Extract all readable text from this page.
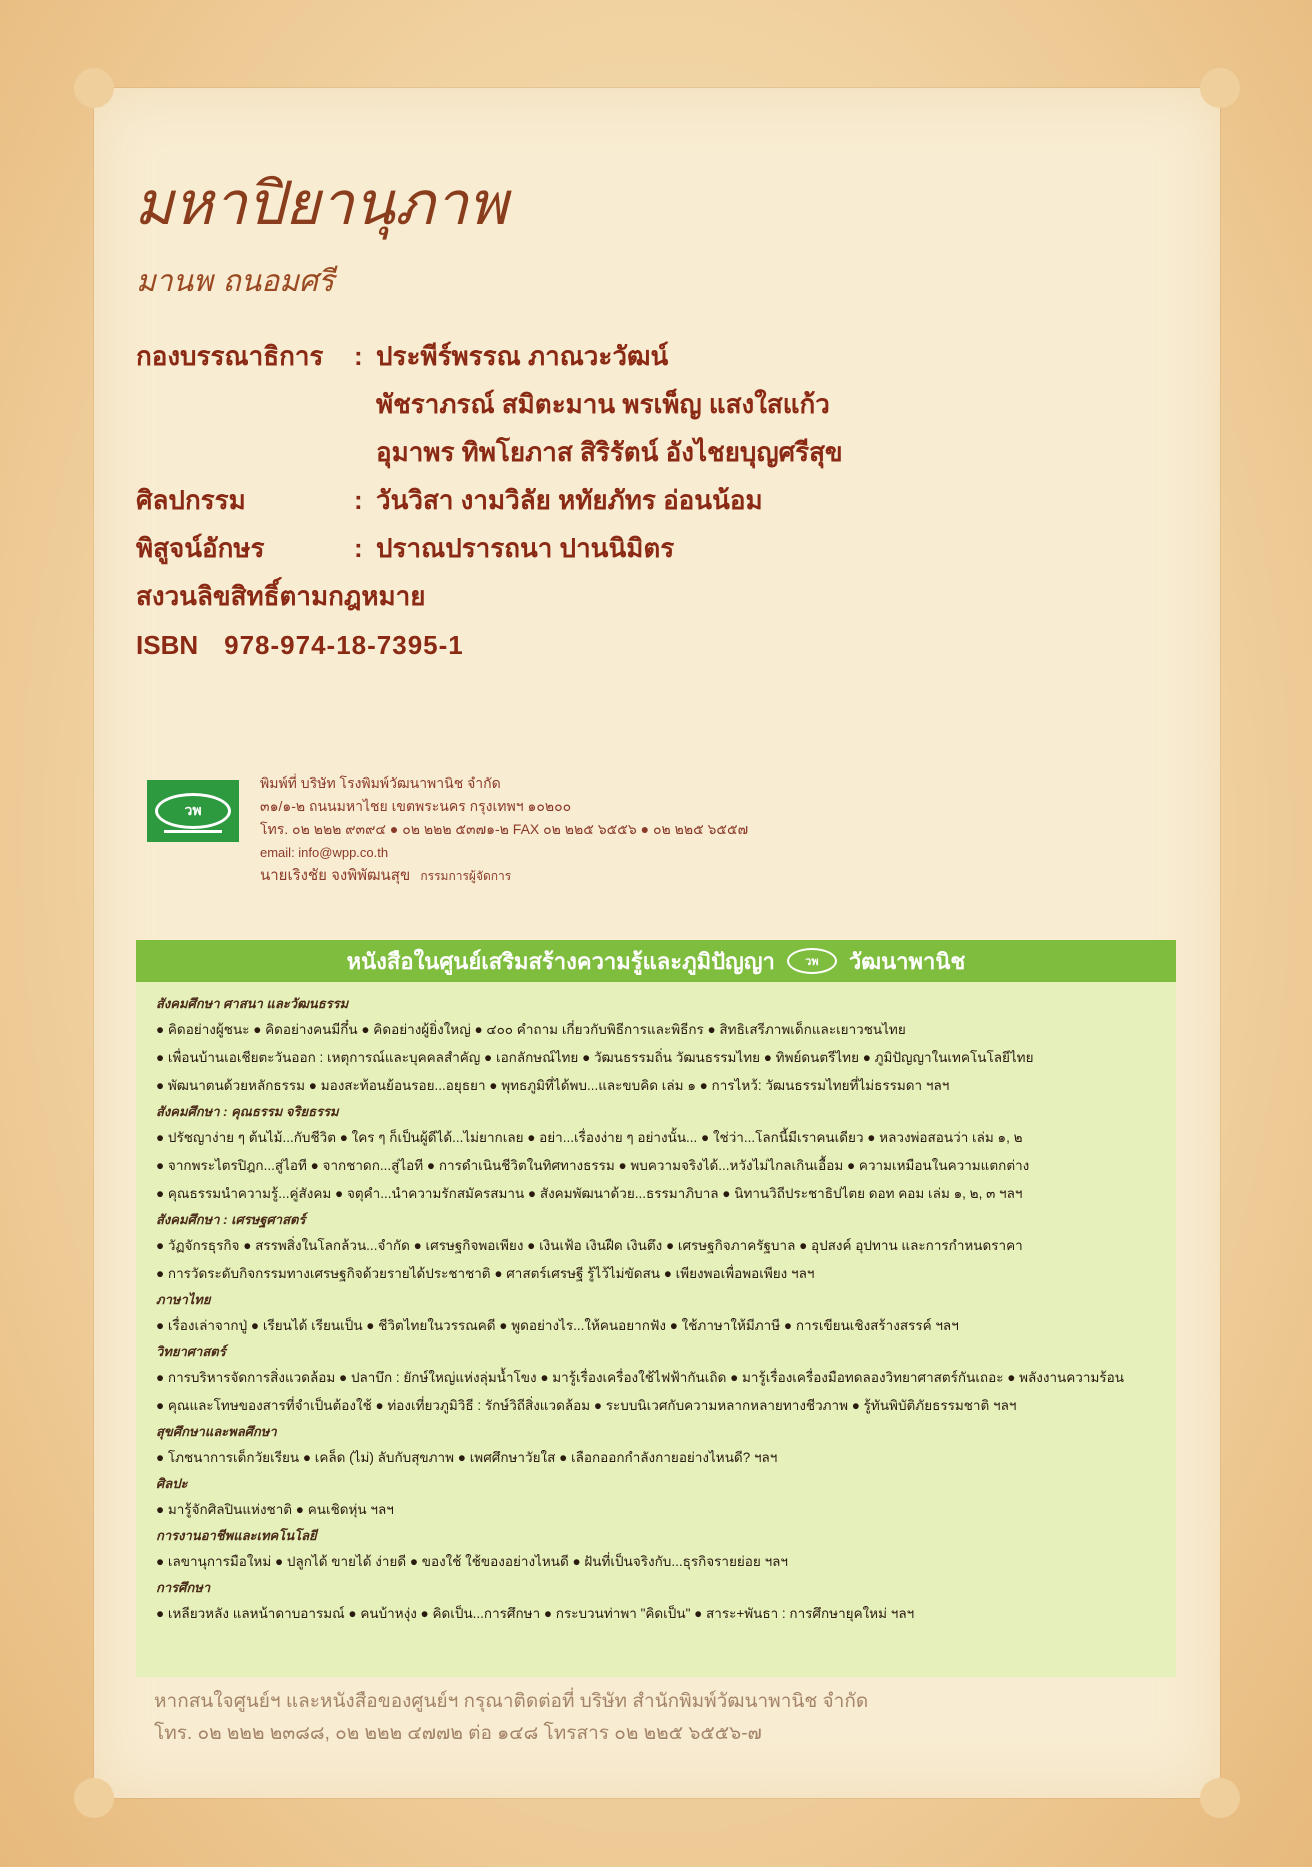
มหาปิยานุภาพ
มานพ ถนอมศรี
กองบรรณาธิการ	: ประพีร์พรรณ ภาณวะวัฒน์
พัชราภรณ์ สมิตะมาน พรเพ็ญ แสงใสแก้ว
อุมาพร ทิพโยภาส สิริรัตน์ อังไชยบุญศรีสุข
ศิลปกรรม	: วันวิสา งามวิลัย หทัยภัทร อ่อนน้อม
พิสูจน์อักษร	: ปราณปรารถนา ปานนิมิตร
สงวนลิขสิทธิ์ตามกฎหมาย
ISBN 978-974-18-7395-1
วพ
พิมพ์ที่ บริษัท โรงพิมพ์วัฒนาพานิช จำกัด
๓๑/๑-๒ ถนนมหาไชย เขตพระนคร กรุงเทพฯ ๑๐๒๐๐
โทร. ๐๒ ๒๒๒ ๙๓๙๔ ● ๐๒ ๒๒๒ ๕๓๗๑-๒ FAX ๐๒ ๒๒๕ ๖๕๕๖ ● ๐๒ ๒๒๕ ๖๕๕๗
email: info@wpp.co.th
นายเริงชัย จงพิพัฒนสุข กรรมการผู้จัดการ
หนังสือในศูนย์เสริมสร้างความรู้และภูมิปัญญา	วพ วัฒนาพานิช
สังคมศึกษา ศาสนา และวัฒนธรรม
● คิดอย่างผู้ชนะ ● คิดอย่างคนมีกึ๋น ● คิดอย่างผู้ยิ่งใหญ่ ● ๔๐๐ คำถาม เกี่ยวกับพิธีการและพิธีกร ● สิทธิเสรีภาพเด็กและเยาวชนไทย
● เพื่อนบ้านเอเชียตะวันออก : เหตุการณ์และบุคคลสำคัญ ● เอกลักษณ์ไทย ● วัฒนธรรมถิ่น วัฒนธรรมไทย ● ทิพย์ดนตรีไทย ● ภูมิปัญญาในเทคโนโลยีไทย
● พัฒนาตนด้วยหลักธรรม ● มองสะท้อนย้อนรอย...อยุธยา ● พุทธภูมิที่ได้พบ...และขบคิด เล่ม ๑ ● การไหว้: วัฒนธรรมไทยที่ไม่ธรรมดา ฯลฯ
สังคมศึกษา : คุณธรรม จริยธรรม
● ปรัชญาง่าย ๆ ต้นไม้...กับชีวิต ● ใคร ๆ ก็เป็นผู้ดีได้...ไม่ยากเลย ● อย่า...เรื่องง่าย ๆ อย่างนั้น... ● ใช่ว่า...โลกนี้มีเราคนเดียว ● หลวงพ่อสอนว่า เล่ม ๑, ๒
● จากพระไตรปิฎก...สู่ไอที ● จากชาดก...สู่ไอที ● การดำเนินชีวิตในทิศทางธรรม ● พบความจริงได้...หวังไม่ไกลเกินเอื้อม ● ความเหมือนในความแตกต่าง
● คุณธรรมนำความรู้...คู่สังคม ● จตุคำ...นำความรักสมัครสมาน ● สังคมพัฒนาด้วย...ธรรมาภิบาล ● นิทานวิถีประชาธิปไตย ดอท คอม เล่ม ๑, ๒, ๓ ฯลฯ
สังคมศึกษา : เศรษฐศาสตร์
● วัฏจักรธุรกิจ ● สรรพสิ่งในโลกล้วน...จำกัด ● เศรษฐกิจพอเพียง ● เงินเฟ้อ เงินฝืด เงินตึง ● เศรษฐกิจภาครัฐบาล ● อุปสงค์ อุปทาน และการกำหนดราคา
● การวัดระดับกิจกรรมทางเศรษฐกิจด้วยรายได้ประชาชาติ ● ศาสตร์เศรษฐี รู้ไว้ไม่ขัดสน ● เพียงพอเพื่อพอเพียง ฯลฯ
ภาษาไทย
● เรื่องเล่าจากปู่ ● เรียนได้ เรียนเป็น ● ชีวิตไทยในวรรณคดี ● พูดอย่างไร...ให้คนอยากฟัง ● ใช้ภาษาให้มีภาษี ● การเขียนเชิงสร้างสรรค์ ฯลฯ
วิทยาศาสตร์
● การบริหารจัดการสิ่งแวดล้อม ● ปลาบึก : ยักษ์ใหญ่แห่งลุ่มน้ำโขง ● มารู้เรื่องเครื่องใช้ไฟฟ้ากันเถิด ● มารู้เรื่องเครื่องมือทดลองวิทยาศาสตร์กันเถอะ ● พลังงานความร้อน
● คุณและโทษของสารที่จำเป็นต้องใช้ ● ท่องเที่ยวภูมิวิธี : รักษ์วิถีสิ่งแวดล้อม ● ระบบนิเวศกับความหลากหลายทางชีวภาพ ● รู้ทันพิบัติภัยธรรมชาติ ฯลฯ
สุขศึกษาและพลศึกษา
● โภชนาการเด็กวัยเรียน ● เคล็ด (ไม่) ลับกับสุขภาพ ● เพศศึกษาวัยใส ● เลือกออกกำลังกายอย่างไหนดี? ฯลฯ
ศิลปะ
● มารู้จักศิลปินแห่งชาติ ● คนเชิดหุ่น ฯลฯ
การงานอาชีพและเทคโนโลยี
● เลขานุการมือใหม่ ● ปลูกได้ ขายได้ ง่ายดี ● ของใช้ ใช้ของอย่างไหนดี ● ฝันที่เป็นจริงกับ...ธุรกิจรายย่อย ฯลฯ
การศึกษา
● เหลียวหลัง แลหน้าดาบอารมณ์ ● คนบ้าหงุ่ง ● คิดเป็น...การศึกษา ● กระบวนท่าพา "คิดเป็น" ● สาระ+พันธา : การศึกษายุคใหม่ ฯลฯ
หากสนใจศูนย์ฯ และหนังสือของศูนย์ฯ กรุณาติดต่อที่ บริษัท สำนักพิมพ์วัฒนาพานิช จำกัด
โทร. ๐๒ ๒๒๒ ๒๓๘๘, ๐๒ ๒๒๒ ๔๗๗๒ ต่อ ๑๔๘ โทรสาร ๐๒ ๒๒๕ ๖๕๕๖-๗
